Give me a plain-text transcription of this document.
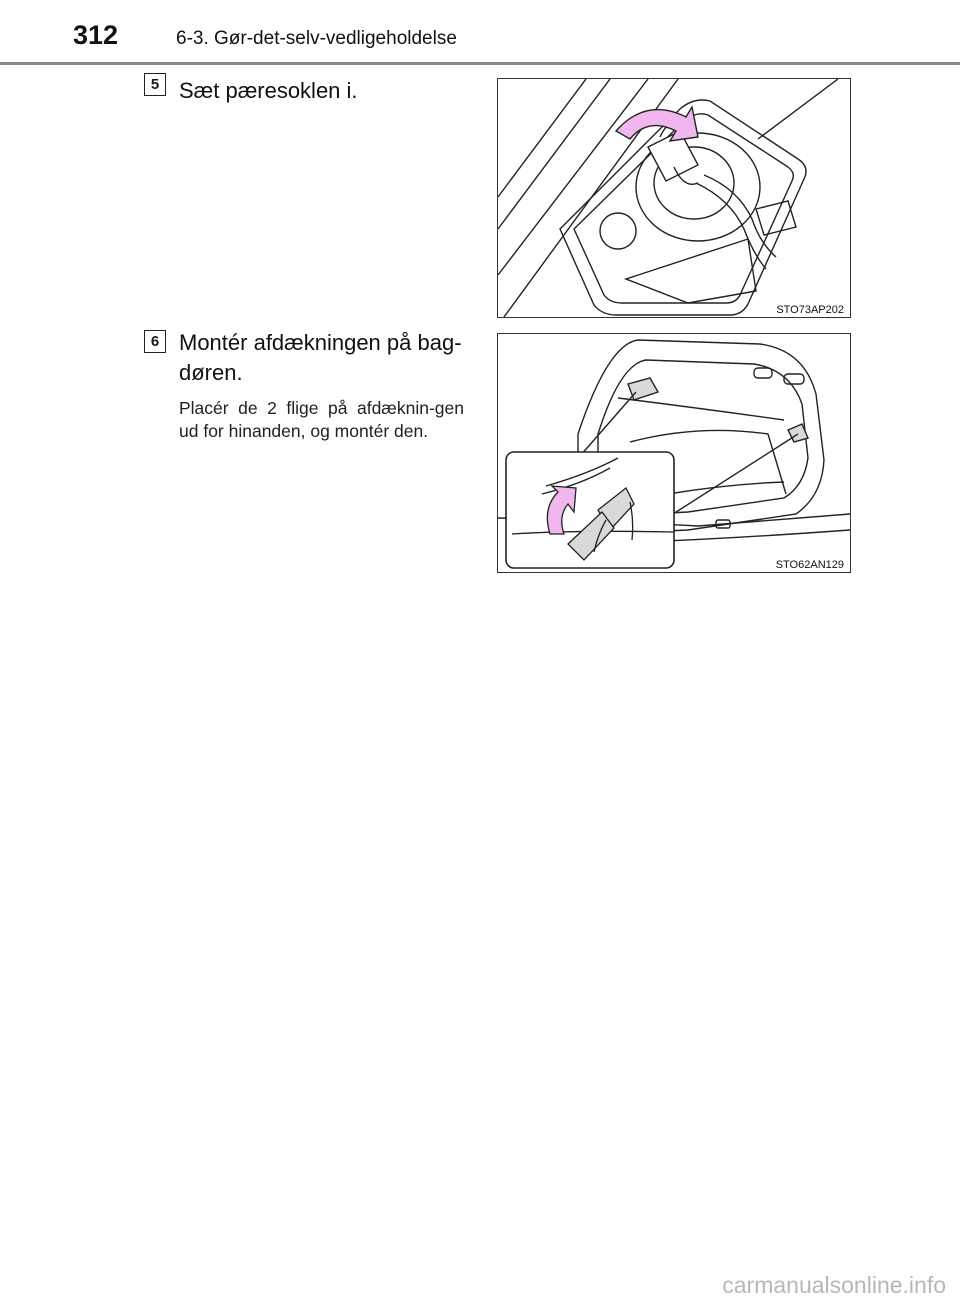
312	6-3. Gør-det-selv-vedligeholdelse
5 Sæt pæresoklen i.
STO73AP202
6 Montér afdækningen på bag-
døren.
Placér de 2 flige på afdæknin-gen ud for hinanden, og montér den.
STO62AN129
carmanualsonline.info
